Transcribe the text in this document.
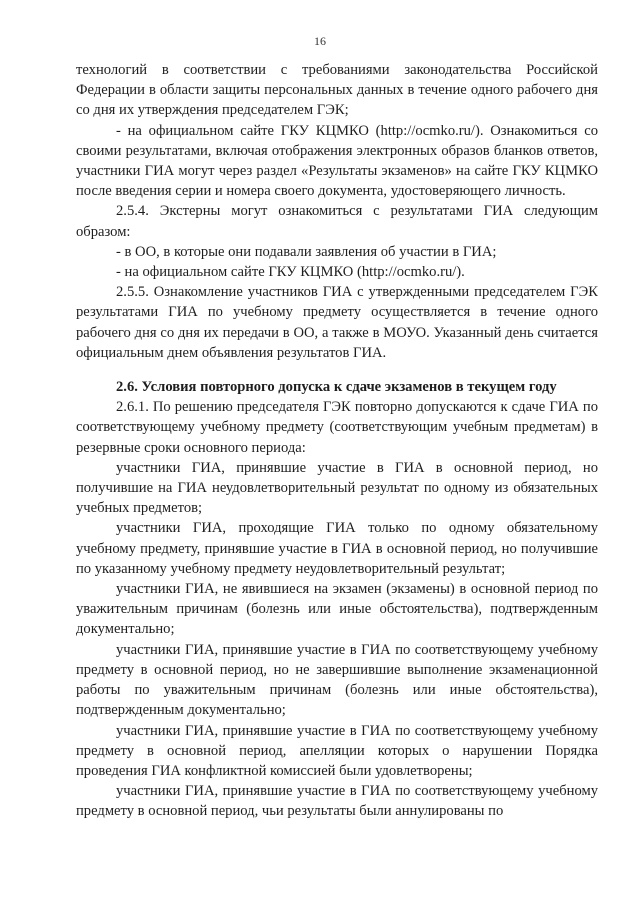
16

технологий в соответствии с требованиями законодательства Российской Федерации в области защиты персональных данных в течение одного рабочего дня со дня их утверждения председателем ГЭК;

- на официальном сайте ГКУ КЦМКО (http://ocmko.ru/). Ознакомиться со своими результатами, включая отображения электронных образов бланков ответов, участники ГИА могут через раздел «Результаты экзаменов» на сайте ГКУ КЦМКО после введения серии и номера своего документа, удостоверяющего личность.

2.5.4. Экстерны могут ознакомиться с результатами ГИА следующим образом:

- в ОО, в которые они подавали заявления об участии в ГИА;

- на официальном сайте ГКУ КЦМКО (http://ocmko.ru/).

2.5.5. Ознакомление участников ГИА с утвержденными председателем ГЭК результатами ГИА по учебному предмету осуществляется в течение одного рабочего дня со дня их передачи в ОО, а также в МОУО. Указанный день считается официальным днем объявления результатов ГИА.

2.6. Условия повторного допуска к сдаче экзаменов в текущем году

2.6.1. По решению председателя ГЭК повторно допускаются к сдаче ГИА по соответствующему учебному предмету (соответствующим учебным предметам) в резервные сроки основного периода:

участники ГИА, принявшие участие в ГИА в основной период, но получившие на ГИА неудовлетворительный результат по одному из обязательных учебных предметов;

участники ГИА, проходящие ГИА только по одному обязательному учебному предмету, принявшие участие в ГИА в основной период, но получившие по указанному учебному предмету неудовлетворительный результат;

участники ГИА, не явившиеся на экзамен (экзамены) в основной период по уважительным причинам (болезнь или иные обстоятельства), подтвержденным документально;

участники ГИА, принявшие участие в ГИА по соответствующему учебному предмету в основной период, но не завершившие выполнение экзаменационной работы по уважительным причинам (болезнь или иные обстоятельства), подтвержденным документально;

участники ГИА, принявшие участие в ГИА по соответствующему учебному предмету в основной период, апелляции которых о нарушении Порядка проведения ГИА конфликтной комиссией были удовлетворены;

участники ГИА, принявшие участие в ГИА по соответствующему учебному предмету в основной период, чьи результаты были аннулированы по
